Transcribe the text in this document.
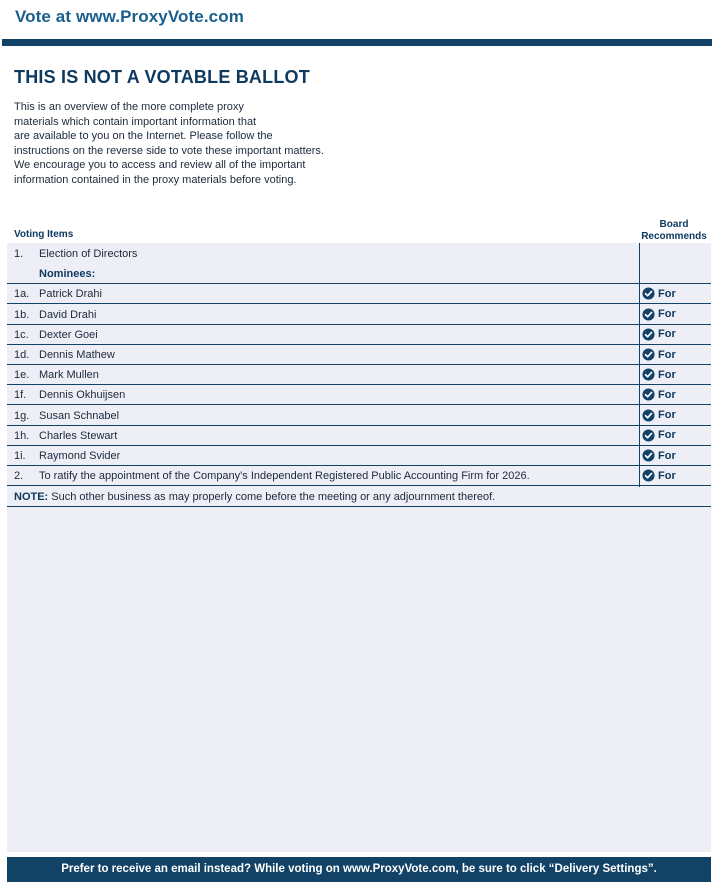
Vote at www.ProxyVote.com
THIS IS NOT A VOTABLE BALLOT
This is an overview of the more complete proxy
materials which contain important information that
are available to you on the Internet. Please follow the
instructions on the reverse side to vote these important matters.
We encourage you to access and review all of the important
information contained in the proxy materials before voting.
Voting Items
Board
Recommends
1. Election of Directors
Nominees:
1a. Patrick Drahi	For
1b. David Drahi	For
1c. Dexter Goei	For
1d. Dennis Mathew	For
1e. Mark Mullen	For
1f. Dennis Okhuijsen	For
1g. Susan Schnabel	For
1h. Charles Stewart	For
1i. Raymond Svider	For
2. To ratify the appointment of the Company's Independent Registered Public Accounting Firm for 2026.	For
NOTE: Such other business as may properly come before the meeting or any adjournment thereof.
Prefer to receive an email instead? While voting on www.ProxyVote.com, be sure to click “Delivery Settings”.
